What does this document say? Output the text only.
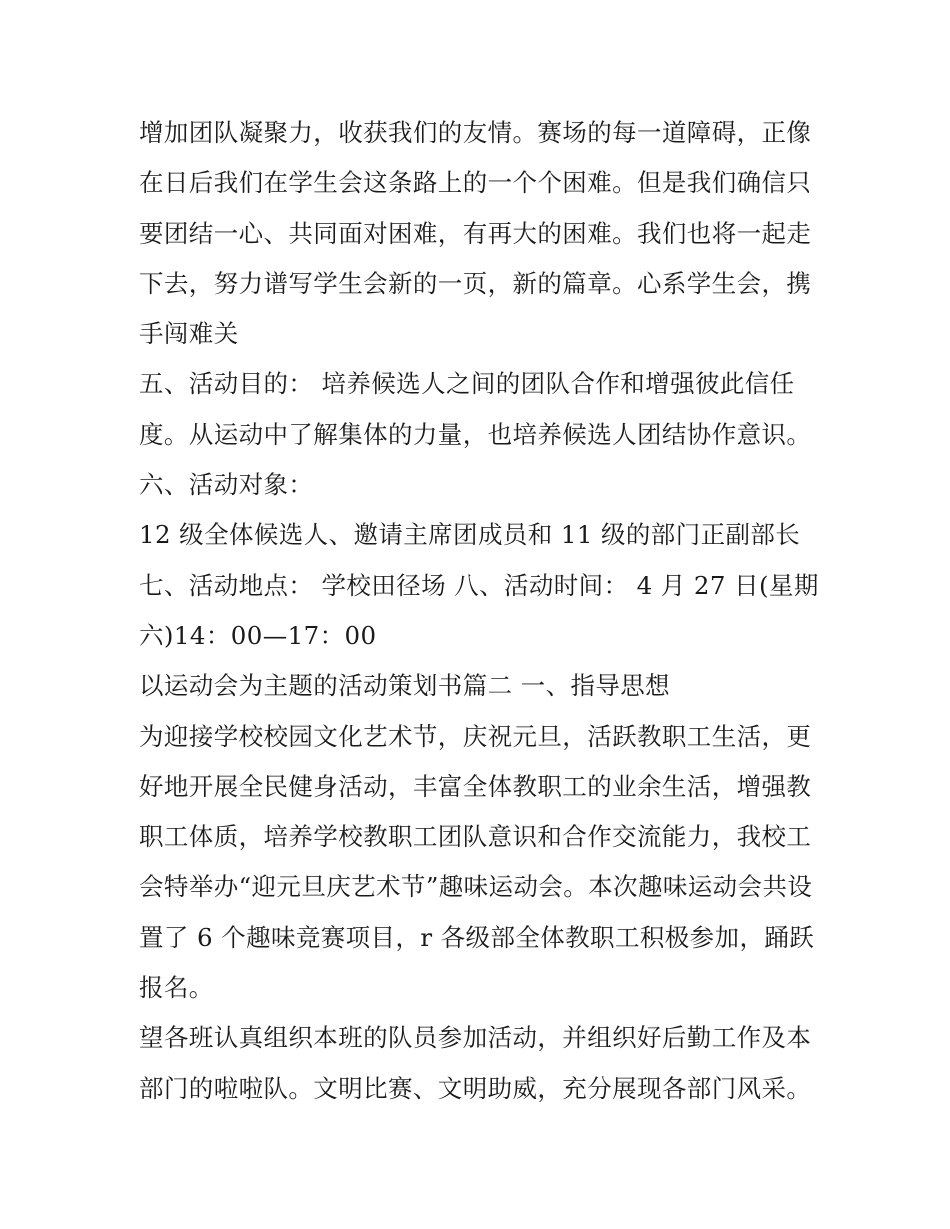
增加团队凝聚力，收获我们的友情。赛场的每一道障碍，正像
在日后我们在学生会这条路上的一个个困难。但是我们确信只
要团结一心、共同面对困难，有再大的困难。我们也将一起走
下去，努力谱写学生会新的一页，新的篇章。心系学生会，携
手闯难关
五、活动目的： 培养候选人之间的团队合作和增强彼此信任
度。从运动中了解集体的力量，也培养候选人团结协作意识。
六、活动对象：
12 级全体候选人、邀请主席团成员和 11 级的部门正副部长
七、活动地点： 学校田径场 八、活动时间： 4 月 27 日(星期
六)14：00—17：00
以运动会为主题的活动策划书篇二 一、指导思想
为迎接学校校园文化艺术节，庆祝元旦，活跃教职工生活，更
好地开展全民健身活动，丰富全体教职工的业余生活，增强教
职工体质，培养学校教职工团队意识和合作交流能力，我校工
会特举办“迎元旦庆艺术节”趣味运动会。本次趣味运动会共设
置了 6 个趣味竞赛项目，r 各级部全体教职工积极参加，踊跃
报名。
望各班认真组织本班的队员参加活动，并组织好后勤工作及本
部门的啦啦队。文明比赛、文明助威，充分展现各部门风采。
